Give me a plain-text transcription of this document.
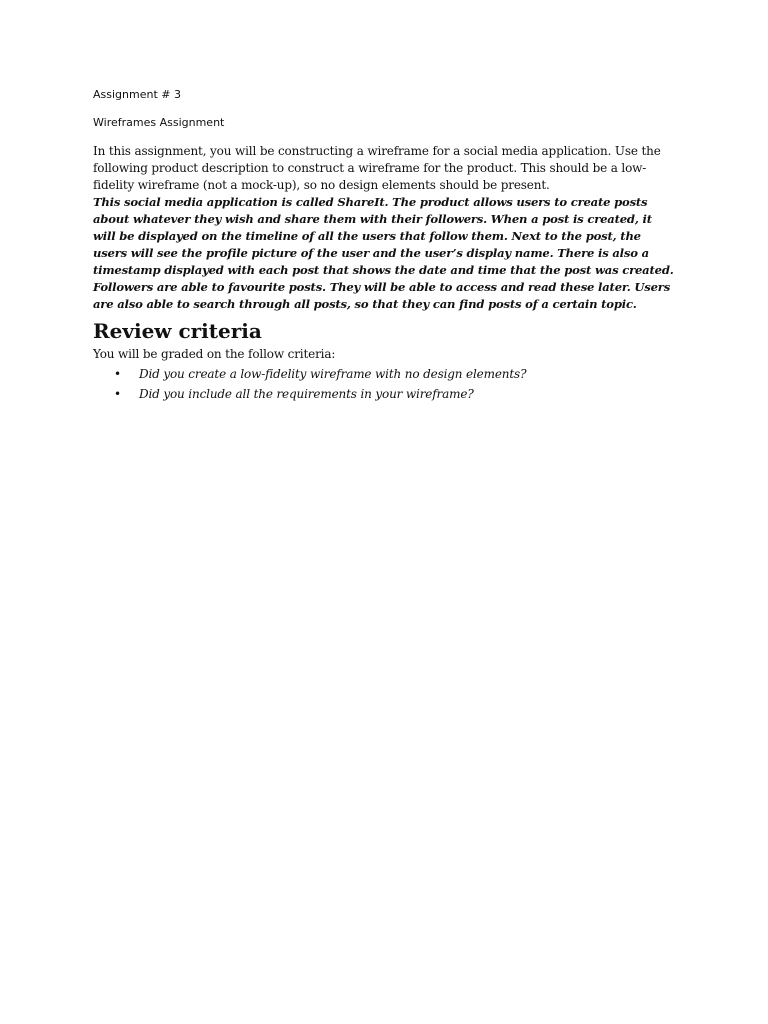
Assignment # 3

Wireframes Assignment

In this assignment, you will be constructing a wireframe for a social media application. Use the following product description to construct a wireframe for the product. This should be a low-fidelity wireframe (not a mock-up), so no design elements should be present.

This social media application is called ShareIt. The product allows users to create posts about whatever they wish and share them with their followers. When a post is created, it will be displayed on the timeline of all the users that follow them. Next to the post, the users will see the profile picture of the user and the user’s display name. There is also a timestamp displayed with each post that shows the date and time that the post was created.

Followers are able to favourite posts. They will be able to access and read these later. Users are also able to search through all posts, so that they can find posts of a certain topic.

Review criteria

You will be graded on the follow criteria:

•	Did you create a low-fidelity wireframe with no design elements?
•	Did you include all the requirements in your wireframe?
